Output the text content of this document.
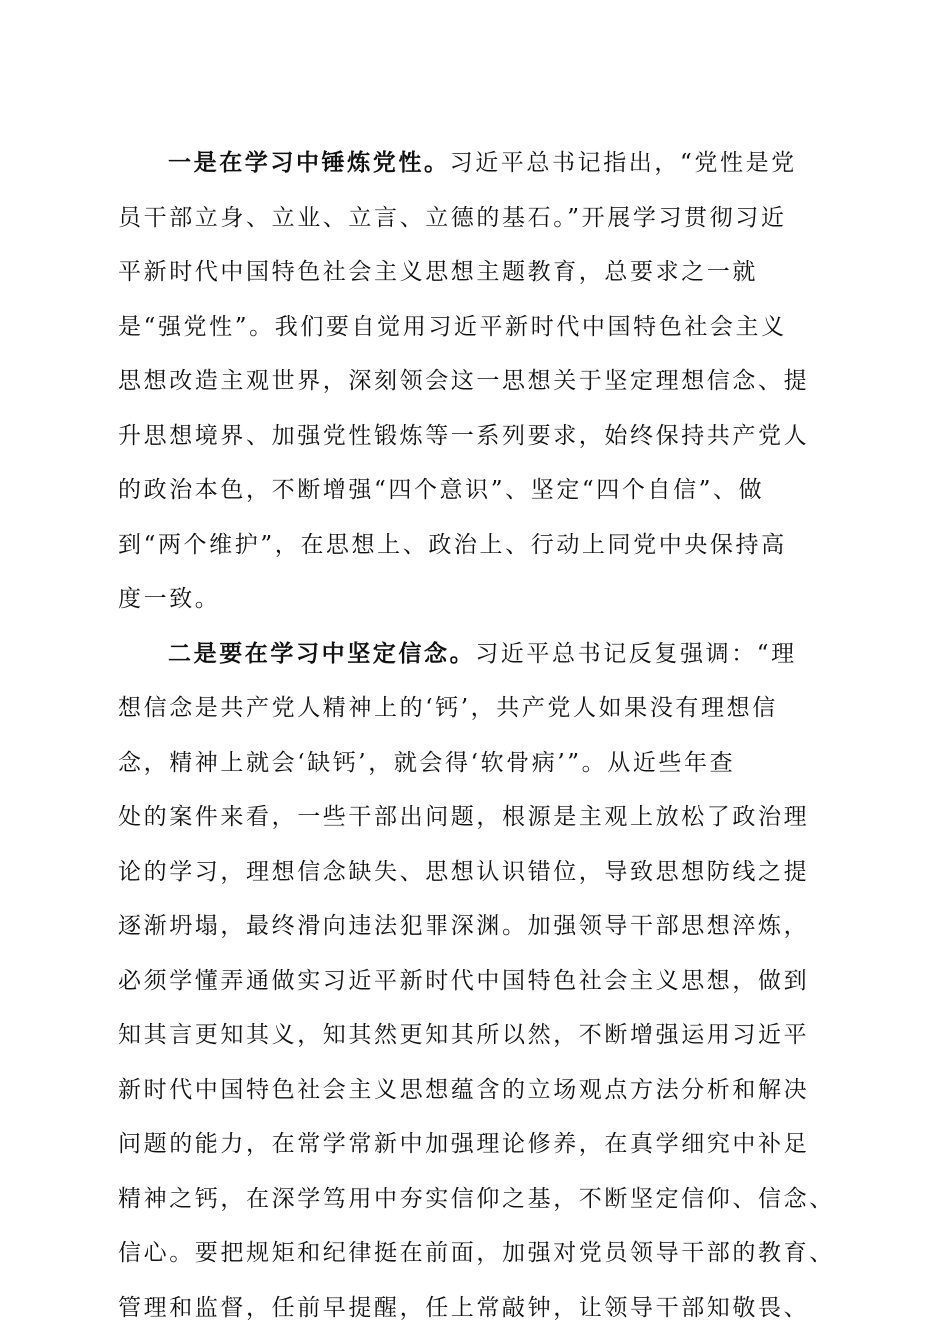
一是在学习中锤炼党性。习近平总书记指出，“党性是党
员干部立身、立业、立言、立德的基石。”开展学习贯彻习近
平新时代中国特色社会主义思想主题教育，总要求之一就
是“强党性”。我们要自觉用习近平新时代中国特色社会主义
思想改造主观世界，深刻领会这一思想关于坚定理想信念、提
升思想境界、加强党性锻炼等一系列要求，始终保持共产党人
的政治本色，不断增强“四个意识”、坚定“四个自信”、做
到“两个维护”，在思想上、政治上、行动上同党中央保持高
度一致。
二是要在学习中坚定信念。习近平总书记反复强调：“理
想信念是共产党人精神上的‘钙’，共产党人如果没有理想信
念，精神上就会‘缺钙’，就会得‘软骨病’”。从近些年查
处的案件来看，一些干部出问题，根源是主观上放松了政治理
论的学习，理想信念缺失、思想认识错位，导致思想防线之提
逐渐坍塌，最终滑向违法犯罪深渊。加强领导干部思想淬炼，
必须学懂弄通做实习近平新时代中国特色社会主义思想，做到
知其言更知其义，知其然更知其所以然，不断增强运用习近平
新时代中国特色社会主义思想蕴含的立场观点方法分析和解决
问题的能力，在常学常新中加强理论修养，在真学细究中补足
精神之钙，在深学笃用中夯实信仰之基，不断坚定信仰、信念、
信心。要把规矩和纪律挺在前面，加强对党员领导干部的教育、
管理和监督，任前早提醒，任上常敲钟，让领导干部知敬畏、
